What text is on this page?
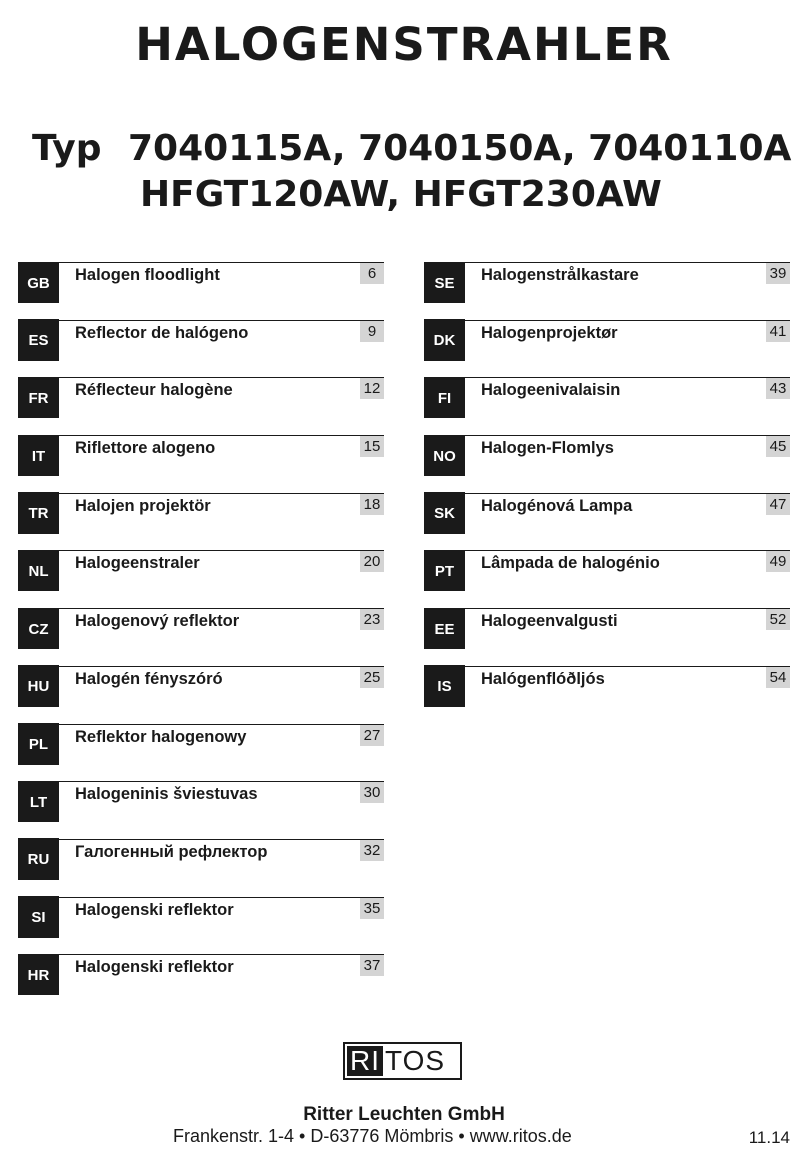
HALOGENSTRAHLER
Typ 7040115A, 7040150A, 7040110A
HFGT120AW, HFGT230AW
GB	Halogen floodlight	6
ES	Reflector de halógeno	9
FR	Réflecteur halogène	12
IT	Riflettore alogeno	15
TR	Halojen projektör	18
NL	Halogeenstraler	20
CZ	Halogenový reflektor	23
HU	Halogén fényszóró	25
PL	Reflektor halogenowy	27
LT	Halogeninis šviestuvas	30
RU	Галогенный рефлектор	32
SI	Halogenski reflektor	35
HR	Halogenski reflektor	37
SE	Halogenstrålkastare	39
DK	Halogenprojektør	41
FI	Halogeenivalaisin	43
NO	Halogen-Flomlys	45
SK	Halogénová Lampa	47
PT	Lâmpada de halogénio	49
EE	Halogeenvalgusti	52
IS	Halógenflóðljós	54
RI TOS
Ritter Leuchten GmbH
Frankenstr. 1-4 • D-63776 Mömbris • www.ritos.de	11.14
